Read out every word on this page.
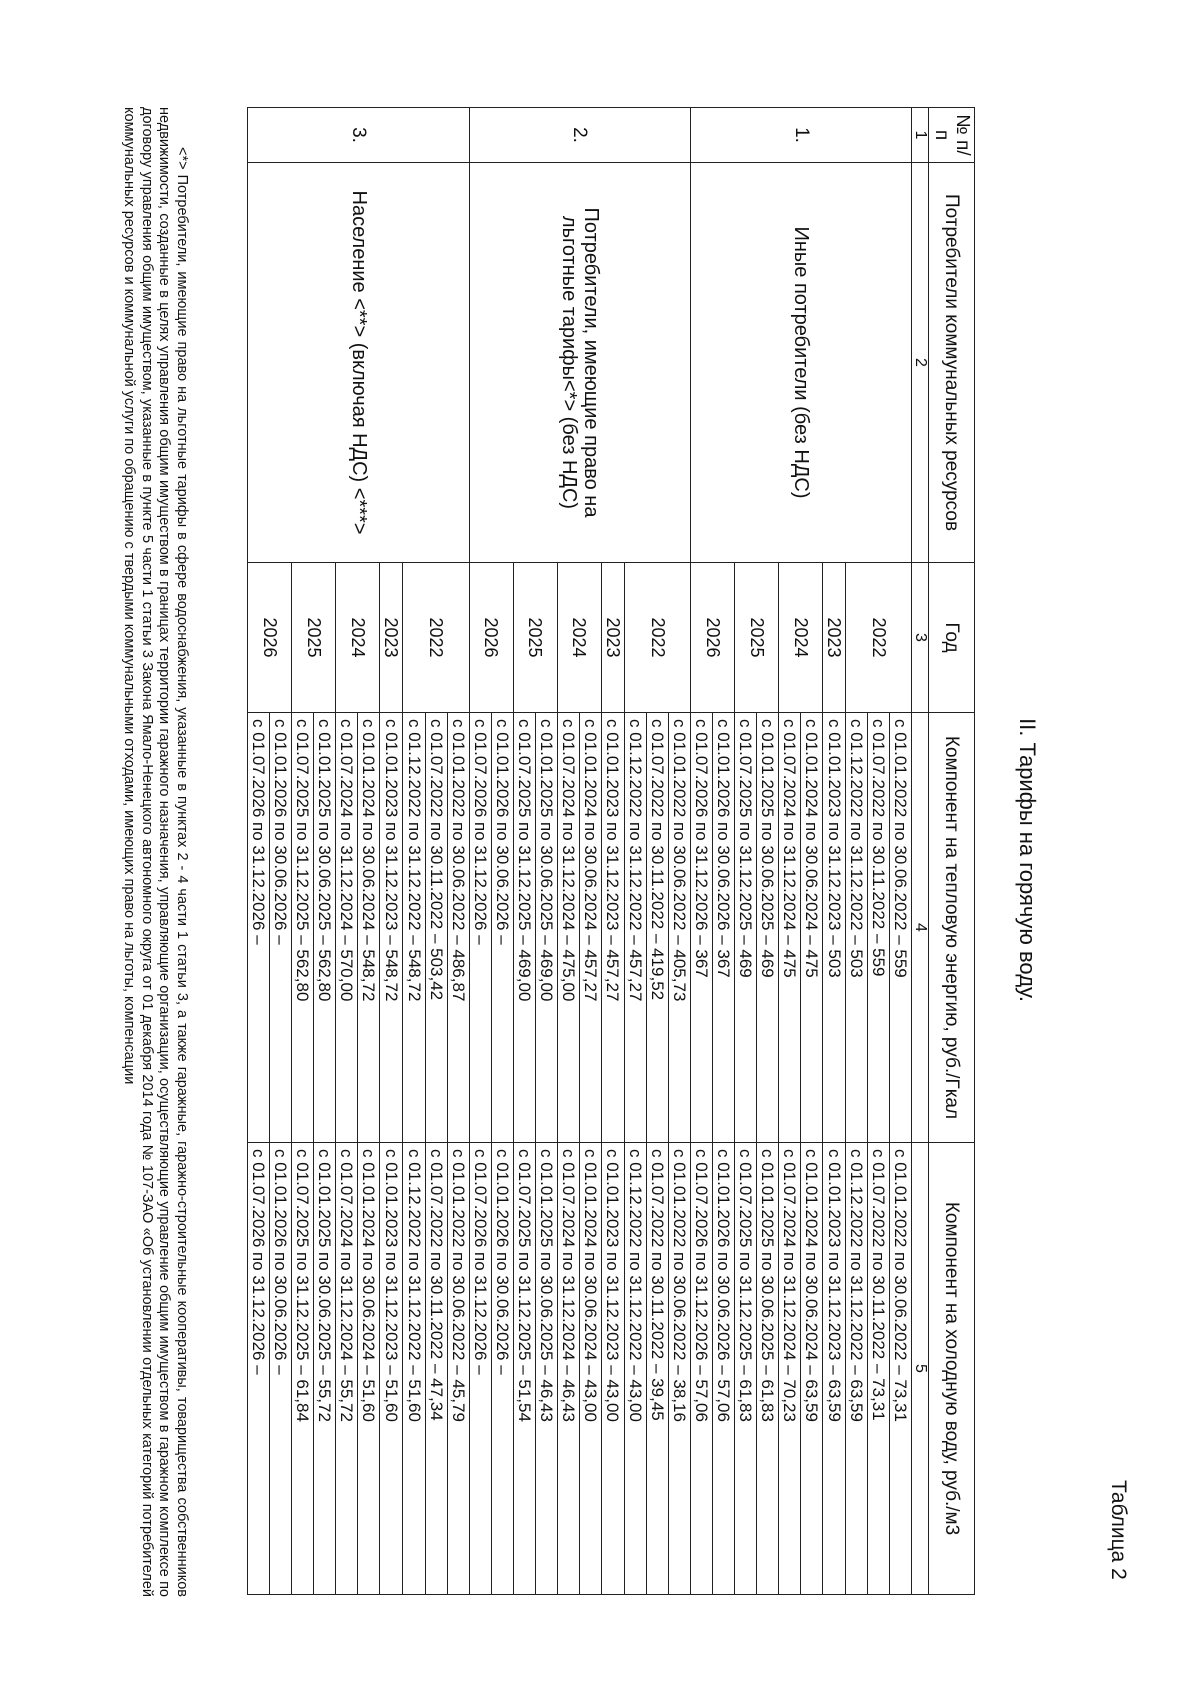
Таблица 2
II. Тарифы на горячую воду.
№ п/п	Потребители коммунальных ресурсов	Год	Компонент на тепловую энергию, руб./Гкал	Компонент на холодную воду, руб./м3
1	2	3	4	5
1.	Иные потребители (без НДС)	2022	с 01.01.2022 по 30.06.2022 – 559	с 01.01.2022 по 30.06.2022 – 73,31
			с 01.07.2022 по 30.11.2022 – 559	с 01.07.2022 по 30.11.2022 – 73,31
			с 01.12.2022 по 31.12.2022 – 503	с 01.12.2022 по 31.12.2022 – 63,59
		2023	с 01.01.2023 по 31.12.2023 – 503	с 01.01.2023 по 31.12.2023 – 63,59
		2024	с 01.01.2024 по 30.06.2024 – 475	с 01.01.2024 по 30.06.2024 – 63,59
			с 01.07.2024 по 31.12.2024 – 475	с 01.07.2024 по 31.12.2024 – 70,23
		2025	с 01.01.2025 по 30.06.2025 – 469	с 01.01.2025 по 30.06.2025 – 61,83
			с 01.07.2025 по 31.12.2025 – 469	с 01.07.2025 по 31.12.2025 – 61,83
		2026	с 01.01.2026 по 30.06.2026 – 367	с 01.01.2026 по 30.06.2026 – 57,06
			с 01.07.2026 по 31.12.2026 – 367	с 01.07.2026 по 31.12.2026 – 57,06
2.	Потребители, имеющие право на льготные тарифы<*> (без НДС)	2022	с 01.01.2022 по 30.06.2022 – 405,73	с 01.01.2022 по 30.06.2022 – 38,16
			с 01.07.2022 по 30.11.2022 – 419,52	с 01.07.2022 по 30.11.2022 – 39,45
			с 01.12.2022 по 31.12.2022 – 457,27	с 01.12.2022 по 31.12.2022 – 43,00
		2023	с 01.01.2023 по 31.12.2023 – 457,27	с 01.01.2023 по 31.12.2023 – 43,00
		2024	с 01.01.2024 по 30.06.2024 – 457,27	с 01.01.2024 по 30.06.2024 – 43,00
			с 01.07.2024 по 31.12.2024 – 475,00	с 01.07.2024 по 31.12.2024 – 46,43
		2025	с 01.01.2025 по 30.06.2025 – 469,00	с 01.01.2025 по 30.06.2025 – 46,43
			с 01.07.2025 по 31.12.2025 – 469,00	с 01.07.2025 по 31.12.2025 – 51,54
		2026	с 01.01.2026 по 30.06.2026 –	с 01.01.2026 по 30.06.2026 –
			с 01.07.2026 по 31.12.2026 –	с 01.07.2026 по 31.12.2026 –
3.	Население <**> (включая НДС) <***>	2022	с 01.01.2022 по 30.06.2022 – 486,87	с 01.01.2022 по 30.06.2022 – 45,79
			с 01.07.2022 по 30.11.2022 – 503,42	с 01.07.2022 по 30.11.2022 – 47,34
			с 01.12.2022 по 31.12.2022 – 548,72	с 01.12.2022 по 31.12.2022 – 51,60
		2023	с 01.01.2023 по 31.12.2023 – 548,72	с 01.01.2023 по 31.12.2023 – 51,60
		2024	с 01.01.2024 по 30.06.2024 – 548,72	с 01.01.2024 по 30.06.2024 – 51,60
			с 01.07.2024 по 31.12.2024 – 570,00	с 01.07.2024 по 31.12.2024 – 55,72
		2025	с 01.01.2025 по 30.06.2025 – 562,80	с 01.01.2025 по 30.06.2025 – 55,72
			с 01.07.2025 по 31.12.2025 – 562,80	с 01.07.2025 по 31.12.2025 – 61,84
		2026	с 01.01.2026 по 30.06.2026 –	с 01.01.2026 по 30.06.2026 –
			с 01.07.2026 по 31.12.2026 –	с 01.07.2026 по 31.12.2026 –

<*> Потребители, имеющие право на льготные тарифы в сфере водоснабжения, указанные в пунктах 2 - 4 части 1 статьи 3, а также гаражные, гаражно-строительные кооперативы, товарищества собственников недвижимости, созданные в целях управления общим имуществом в границах территории гаражного назначения, управляющие организации, осуществляющие управление общим имуществом в гаражном комплексе по договору управления общим имуществом, указанные в пункте 5 части 1 статьи 3 Закона Ямало-Ненецкого автономного округа от 01 декабря 2014 года № 107-ЗАО «Об установлении отдельных категорий потребителей коммунальных ресурсов и коммунальной услуги по обращению с твердыми коммунальными отходами, имеющих право на льготы, компенсации
